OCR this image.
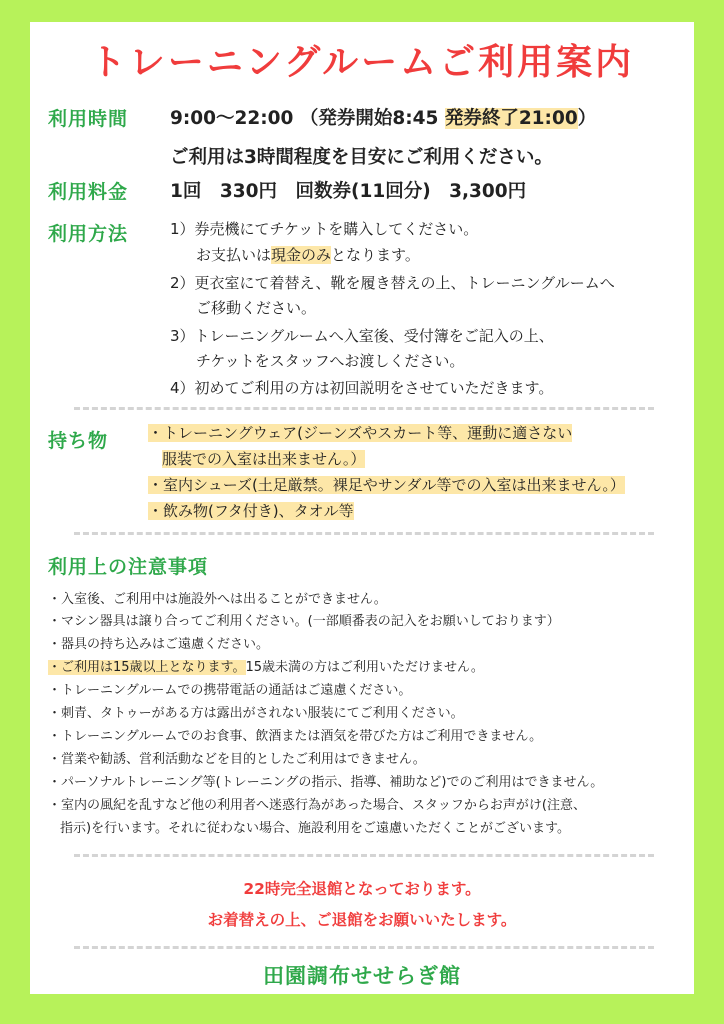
トレーニングルームご利用案内
利用時間 9:00〜22:00 （発券開始8:45 発券終了21:00）
ご利用は3時間程度を目安にご利用ください。
利用料金 1回　330円　回数券(11回分)　3,300円
利用方法	1）券売機にてチケットを購入してください。
お支払いは現金のみとなります。
2）更衣室にて着替え、靴を履き替えの上、トレーニングルームへ
ご移動ください。
3）トレーニングルームへ入室後、受付簿をご記入の上、
チケットをスタッフへお渡しください。
4）初めてご利用の方は初回説明をさせていただきます。
持ち物	・トレーニングウェア(ジーンズやスカート等、運動に適さない
服装での入室は出来ません。）
・室内シューズ(土足厳禁。裸足やサンダル等での入室は出来ません。）
・飲み物(フタ付き)、タオル等
利用上の注意事項
・入室後、ご利用中は施設外へは出ることができません。
・マシン器具は譲り合ってご利用ください。(一部順番表の記入をお願いしております）
・器具の持ち込みはご遠慮ください。
・ご利用は15歳以上となります。15歳未満の方はご利用いただけません。
・トレーニングルームでの携帯電話の通話はご遠慮ください。
・刺青、タトゥーがある方は露出がされない服装にてご利用ください。
・トレーニングルームでのお食事、飲酒または酒気を帯びた方はご利用できません。
・営業や勧誘、営利活動などを目的としたご利用はできません。
・パーソナルトレーニング等(トレーニングの指示、指導、補助など)でのご利用はできません。
・室内の風紀を乱すなど他の利用者へ迷惑行為があった場合、スタッフからお声がけ(注意、
指示)を行います。それに従わない場合、施設利用をご遠慮いただくことがございます。
22時完全退館となっております。
お着替えの上、ご退館をお願いいたします。
田園調布せせらぎ館
